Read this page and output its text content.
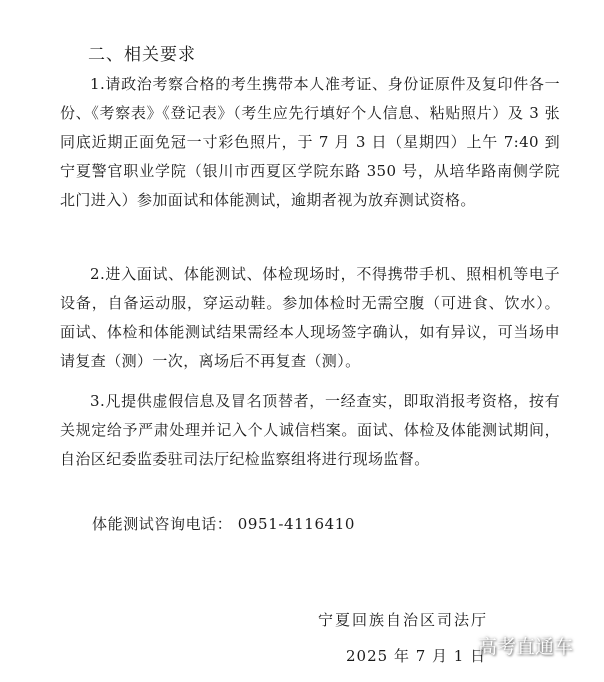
二、相关要求

1.请政治考察合格的考生携带本人准考证、身份证原件及复印件各一份、《考察表》《登记表》（考生应先行填好个人信息、粘贴照片）及 3 张同底近期正面免冠一寸彩色照片，于 7 月 3 日（星期四）上午 7:40 到宁夏警官职业学院（银川市西夏区学院东路 350 号，从培华路南侧学院北门进入）参加面试和体能测试，逾期者视为放弃测试资格。

2.进入面试、体能测试、体检现场时，不得携带手机、照相机等电子设备，自备运动服，穿运动鞋。参加体检时无需空腹（可进食、饮水）。面试、体检和体能测试结果需经本人现场签字确认，如有异议，可当场申请复查（测）一次，离场后不再复查（测）。

3.凡提供虚假信息及冒名顶替者，一经查实，即取消报考资格，按有关规定给予严肃处理并记入个人诚信档案。面试、体检及体能测试期间，自治区纪委监委驻司法厅纪检监察组将进行现场监督。

体能测试咨询电话： 0951-4116410
宁夏回族自治区司法厅
2025 年 7 月 1 日
高考直通车
